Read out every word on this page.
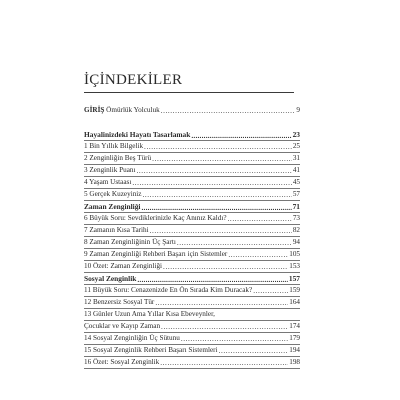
İÇİNDEKİLER
GİRİŞ Ömürlük Yolculuk .....	9
Hayalinizdeki Hayatı Tasarlamak .....	23
1 Bin Yıllık Bilgelik .....	25
2 Zenginliğin Beş Türü .....	31
3 Zenginlik Puanı .....	41
4 Yaşam Ustaası .....	45
5 Gerçek Kuzeyiniz .....	57
Zaman Zenginliği .....	71
6 Büyük Soru: Sevdiklerinizle Kaç Anınız Kaldı? .....	73
7 Zamanın Kısa Tarihi .....	82
8 Zaman Zenginliğinin Üç Şartı .....	94
9 Zaman Zenginliği Rehberi Başarı için Sistemler .....	105
10 Özet: Zaman Zenginliği .....	153
Sosyal Zenginlik .....	157
11 Büyük Soru: Cenazenizde En Ön Sırada Kim Duracak? .....	159
12 Benzersiz Sosyal Tür .....	164
13 Günler Uzun Ama Yıllar Kısa Ebeveynler,
Çocuklar ve Kayıp Zaman .....	174
14 Sosyal Zenginliğin Üç Sütunu .....	179
15 Sosyal Zenginlik Rehberi Başarı Sistemleri .....	194
16 Özet: Sosyal Zenginlik .....	198
